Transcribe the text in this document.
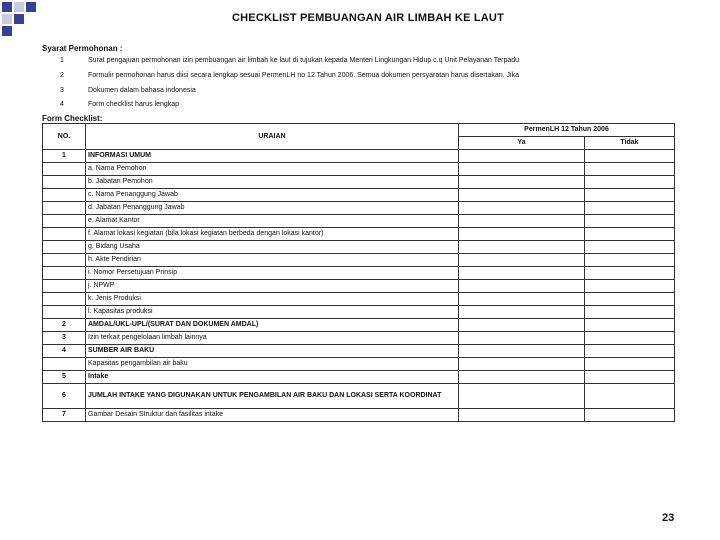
CHECKLIST PEMBUANGAN AIR LIMBAH KE LAUT
Syarat Permohonan :
1	Surat pengajuan permohonan izin pembuangan air limbah ke laut di tujukan kepada Menteri Lingkungan Hidup c.q Unit Pelayanan Terpadu
2	Formulir permohonan harus diisi secara lengkap sesuai PermenLH no 12 Tahun 2006. Semua dokumen persyaratan harus disertakan. Jika
3	Dokumen dalam bahasa indonesia
4	Form checklist harus lengkap
Form Checklist:
NO.	URAIAN	PermenLH 12 Tahun 2006	
		Ya	Tidak
1	INFORMASI UMUM		
	a. Nama Pemohon		
	b. Jabatan Pemohon		
	c. Nama Penanggung Jawab		
	d. Jabatan Penanggung Jawab		
	e. Alamat Kantor		
	f. Alamat lokasi kegiatan (bila lokasi kegiatan berbeda dengan lokasi kantor)		
	g. Bidang Usaha		
	h. Akte Pendirian		
	i. Nomor Persetujuan Prinsip		
	j. NPWP		
	k. Jenis Produksi		
	l. Kapasitas produksi		
2	AMDAL/UKL-UPL/(SURAT DAN DOKUMEN AMDAL)		
3	Izin terkait pengelolaan limbah lainnya		
4	SUMBER AIR BAKU		
	Kapasitas pengambilan air baku		
5	Intake		
6	JUMLAH INTAKE YANG DIGUNAKAN UNTUK PENGAMBILAN AIR BAKU DAN LOKASI SERTA KOORDINAT		
7	Gambar Desain Struktur dan fasilitas intake		
23
